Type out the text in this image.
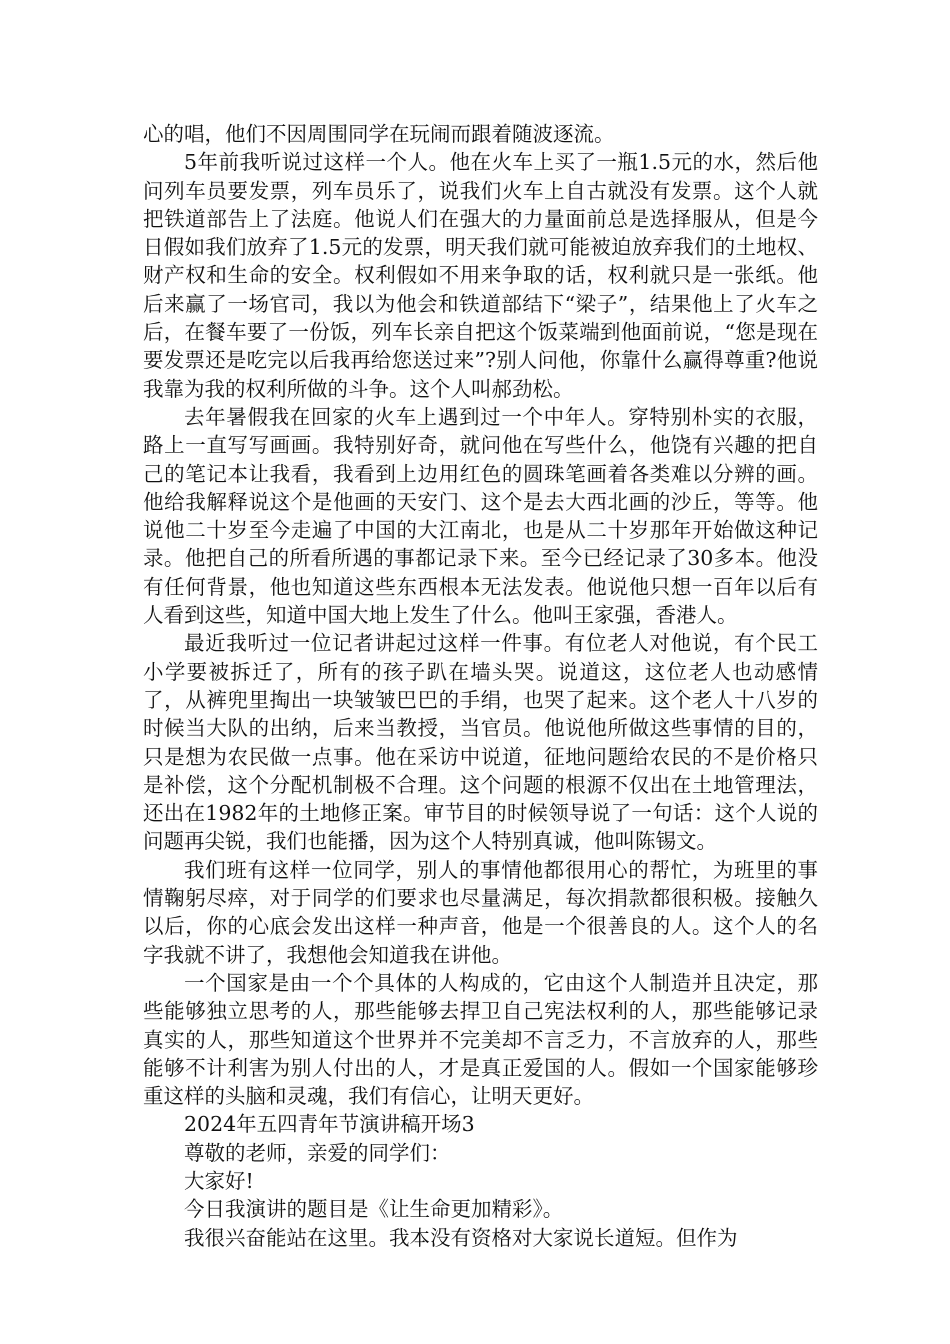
心的唱，他们不因周围同学在玩闹而跟着随波逐流。

5年前我听说过这样一个人。他在火车上买了一瓶1.5元的水，然后他问列车员要发票，列车员乐了，说我们火车上自古就没有发票。这个人就把铁道部告上了法庭。他说人们在强大的力量面前总是选择服从，但是今日假如我们放弃了1.5元的发票，明天我们就可能被迫放弃我们的土地权、财产权和生命的安全。权利假如不用来争取的话，权利就只是一张纸。他后来赢了一场官司，我以为他会和铁道部结下“梁子”，结果他上了火车之后，在餐车要了一份饭，列车长亲自把这个饭菜端到他面前说，“您是现在要发票还是吃完以后我再给您送过来”?别人问他，你靠什么赢得尊重?他说我靠为我的权利所做的斗争。这个人叫郝劲松。

去年暑假我在回家的火车上遇到过一个中年人。穿特别朴实的衣服，路上一直写写画画。我特别好奇，就问他在写些什么，他饶有兴趣的把自己的笔记本让我看，我看到上边用红色的圆珠笔画着各类难以分辨的画。他给我解释说这个是他画的天安门、这个是去大西北画的沙丘，等等。他说他二十岁至今走遍了中国的大江南北，也是从二十岁那年开始做这种记录。他把自己的所看所遇的事都记录下来。至今已经记录了30多本。他没有任何背景，他也知道这些东西根本无法发表。他说他只想一百年以后有人看到这些，知道中国大地上发生了什么。他叫王家强，香港人。

最近我听过一位记者讲起过这样一件事。有位老人对他说，有个民工小学要被拆迁了，所有的孩子趴在墙头哭。说道这，这位老人也动感情了，从裤兜里掏出一块皱皱巴巴的手绢，也哭了起来。这个老人十八岁的时候当大队的出纳，后来当教授，当官员。他说他所做这些事情的目的，只是想为农民做一点事。他在采访中说道，征地问题给农民的不是价格只是补偿，这个分配机制极不合理。这个问题的根源不仅出在土地管理法，还出在1982年的土地修正案。审节目的时候领导说了一句话：这个人说的问题再尖锐，我们也能播，因为这个人特别真诚，他叫陈锡文。

我们班有这样一位同学，别人的事情他都很用心的帮忙，为班里的事情鞠躬尽瘁，对于同学的们要求也尽量满足，每次捐款都很积极。接触久以后，你的心底会发出这样一种声音，他是一个很善良的人。这个人的名字我就不讲了，我想他会知道我在讲他。

一个国家是由一个个具体的人构成的，它由这个人制造并且决定，那些能够独立思考的人，那些能够去捍卫自己宪法权利的人，那些能够记录真实的人，那些知道这个世界并不完美却不言乏力，不言放弃的人，那些能够不计利害为别人付出的人，才是真正爱国的人。假如一个国家能够珍重这样的头脑和灵魂，我们有信心，让明天更好。

2024年五四青年节演讲稿开场3

尊敬的老师，亲爱的同学们：

大家好!

今日我演讲的题目是《让生命更加精彩》。

我很兴奋能站在这里。我本没有资格对大家说长道短。但作为
